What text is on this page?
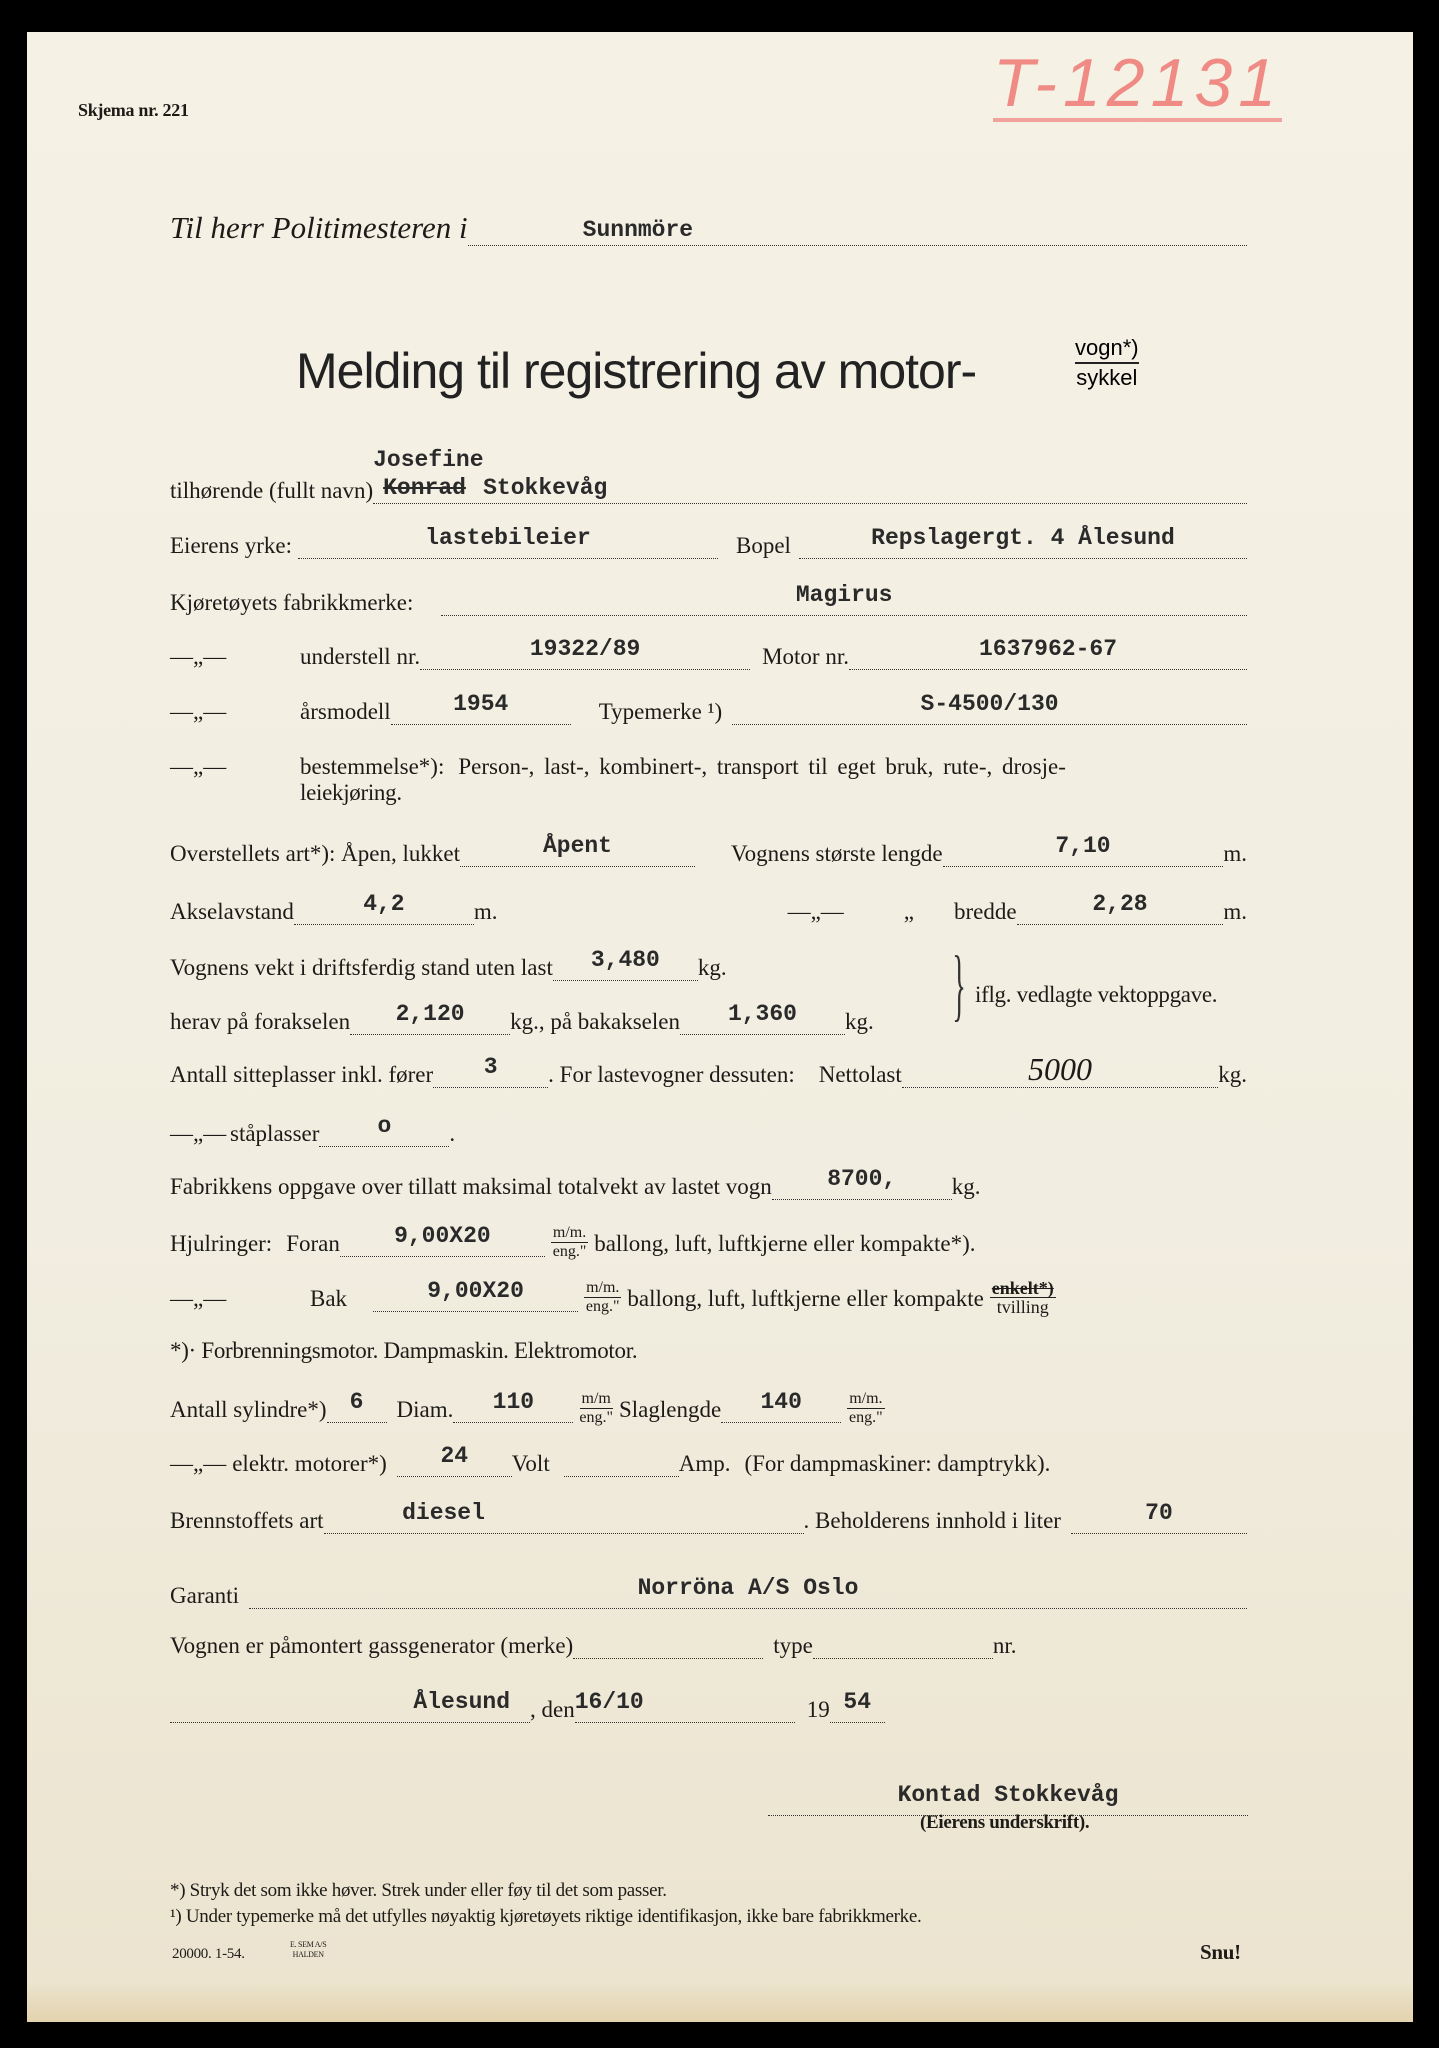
Skjema nr. 221	T-12131
Til herr Politimesteren i	Sunnmöre
Melding til registrering av motor-	vogn*)
sykkel
tilhørende (fullt navn)
Josefine
Konrad Stokkevåg
Eierens yrke:	lastebileier	Bopel	Repslagergt. 4 Ålesund
Kjøretøyets fabrikkmerke:	Magirus
—„—	understell nr.	19322/89	Motor nr.	1637962-67
—„—	årsmodell	1954	Typemerke ¹)	S-4500/130
—„—	bestemmelse*): Person-, last-, kombinert-, transport til eget bruk, rute-, drosje-
leiekjøring.
Overstellets art*): Åpen, lukket	Åpent	Vognens største lengde	7,10	m.
Akselavstand	4,2	m.	—„—	„ bredde	2,28	m.
Vognens vekt i driftsferdig stand uten last	3,480	kg.
herav på forakselen	2,120	kg., på bakakselen	1,360	kg. } iflg. vedlagte vektoppgave.
Antall sitteplasser inkl. fører	3	. For lastevogner dessuten: Nettolast	5000	kg.
—„— ståplasser	o	.
Fabrikkens oppgave over tillatt maksimal totalvekt av lastet vogn	8700,	kg.
Hjulringer: Foran	9,00X20	$\frac{m/m.}{\text{eng."}}$ ballong, luft, luftkjerne eller kompakte*).
—„—	Bak	9,00X20	$\frac{m/m.}{\text{eng."}}$ ballong, luft, luftkjerne eller kompakte $\frac{\text{enkelt*)}}{\text{tvilling}}$
*)· Forbrenningsmotor. Dampmaskin. Elektromotor.
Antall sylindre*)	6	Diam.	110	$\frac{m/m}{\text{eng."}}$ Slaglengde	140	$\frac{m/m.}{\text{eng."}}$
—„— elektr. motorer*)	24	Volt	Amp. (For dampmaskiner: damptrykk).
Brennstoffets art	diesel	. Beholderens innhold i liter	70
Garanti	Norröna A/S Oslo
Vognen er påmontert gassgenerator (merke)	type	nr.
Ålesund , den 16/10	19 54
Kontad Stokkevåg
(Eierens underskrift).
*) Stryk det som ikke høver. Strek under eller føy til det som passer.
¹) Under typemerke må det utfylles nøyaktig kjøretøyets riktige identifikasjon, ikke bare fabrikkmerke.
20000. 1-54.
E. SEM A/S
HALDEN	Snu!
